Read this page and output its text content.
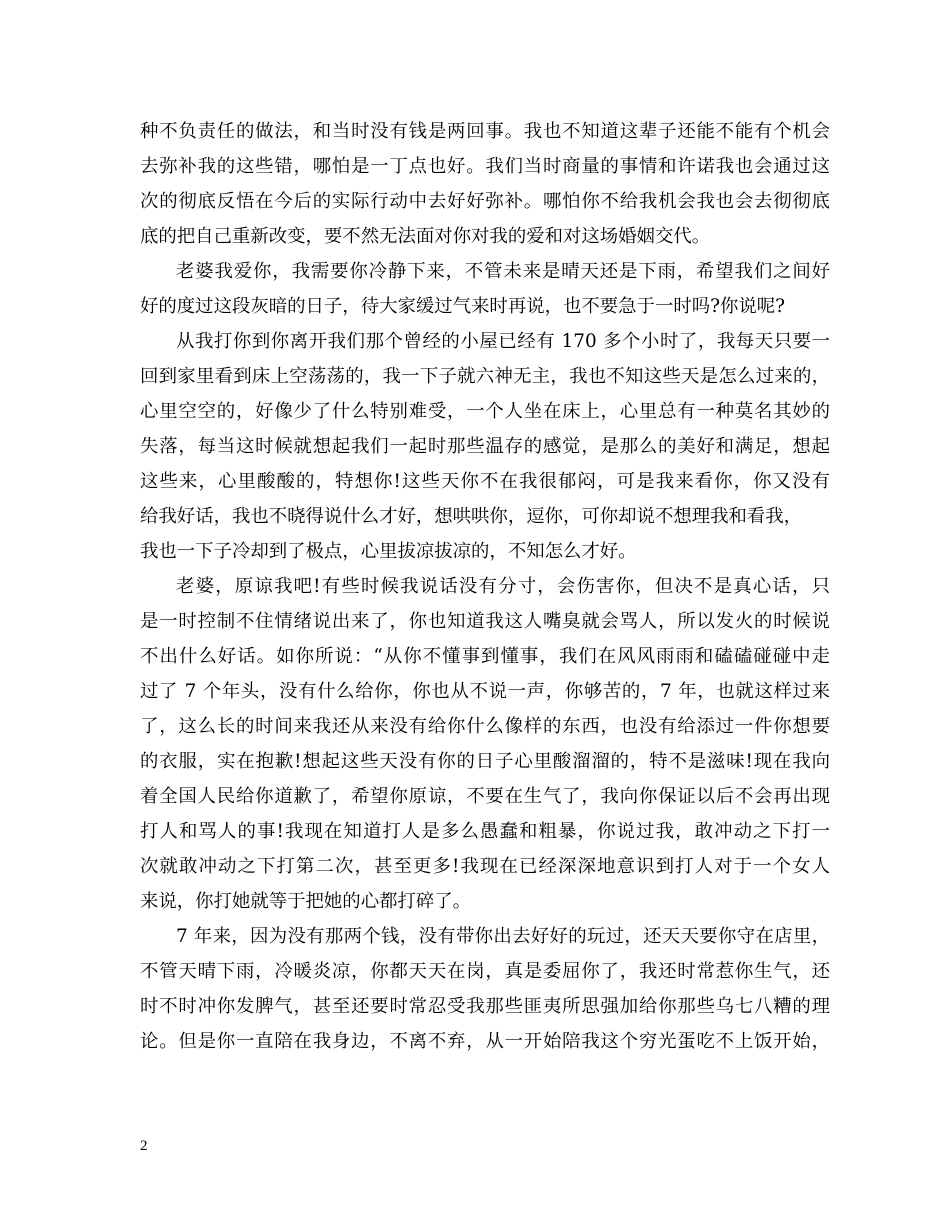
种不负责任的做法，和当时没有钱是两回事。我也不知道这辈子还能不能有个机会
去弥补我的这些错，哪怕是一丁点也好。我们当时商量的事情和许诺我也会通过这
次的彻底反悟在今后的实际行动中去好好弥补。哪怕你不给我机会我也会去彻彻底
底的把自己重新改变，要不然无法面对你对我的爱和对这场婚姻交代。
老婆我爱你，我需要你冷静下来，不管未来是晴天还是下雨，希望我们之间好
好的度过这段灰暗的日子，待大家缓过气来时再说，也不要急于一时吗?你说呢?
从我打你到你离开我们那个曾经的小屋已经有 170 多个小时了，我每天只要一
回到家里看到床上空荡荡的，我一下子就六神无主，我也不知这些天是怎么过来的，
心里空空的，好像少了什么特别难受，一个人坐在床上，心里总有一种莫名其妙的
失落，每当这时候就想起我们一起时那些温存的感觉，是那么的美好和满足，想起
这些来，心里酸酸的，特想你!这些天你不在我很郁闷，可是我来看你，你又没有
给我好话，我也不晓得说什么才好，想哄哄你，逗你，可你却说不想理我和看我，
我也一下子冷却到了极点，心里拔凉拔凉的，不知怎么才好。
老婆，原谅我吧!有些时候我说话没有分寸，会伤害你，但决不是真心话，只
是一时控制不住情绪说出来了，你也知道我这人嘴臭就会骂人，所以发火的时候说
不出什么好话。如你所说：“从你不懂事到懂事，我们在风风雨雨和磕磕碰碰中走
过了 7 个年头，没有什么给你，你也从不说一声，你够苦的，7 年，也就这样过来
了，这么长的时间来我还从来没有给你什么像样的东西，也没有给添过一件你想要
的衣服，实在抱歉!想起这些天没有你的日子心里酸溜溜的，特不是滋味!现在我向
着全国人民给你道歉了，希望你原谅，不要在生气了，我向你保证以后不会再出现
打人和骂人的事!我现在知道打人是多么愚蠢和粗暴，你说过我，敢冲动之下打一
次就敢冲动之下打第二次，甚至更多!我现在已经深深地意识到打人对于一个女人
来说，你打她就等于把她的心都打碎了。
7 年来，因为没有那两个钱，没有带你出去好好的玩过，还天天要你守在店里，
不管天晴下雨，冷暖炎凉，你都天天在岗，真是委屈你了，我还时常惹你生气，还
时不时冲你发脾气，甚至还要时常忍受我那些匪夷所思强加给你那些乌七八糟的理
论。但是你一直陪在我身边，不离不弃，从一开始陪我这个穷光蛋吃不上饭开始，
2
